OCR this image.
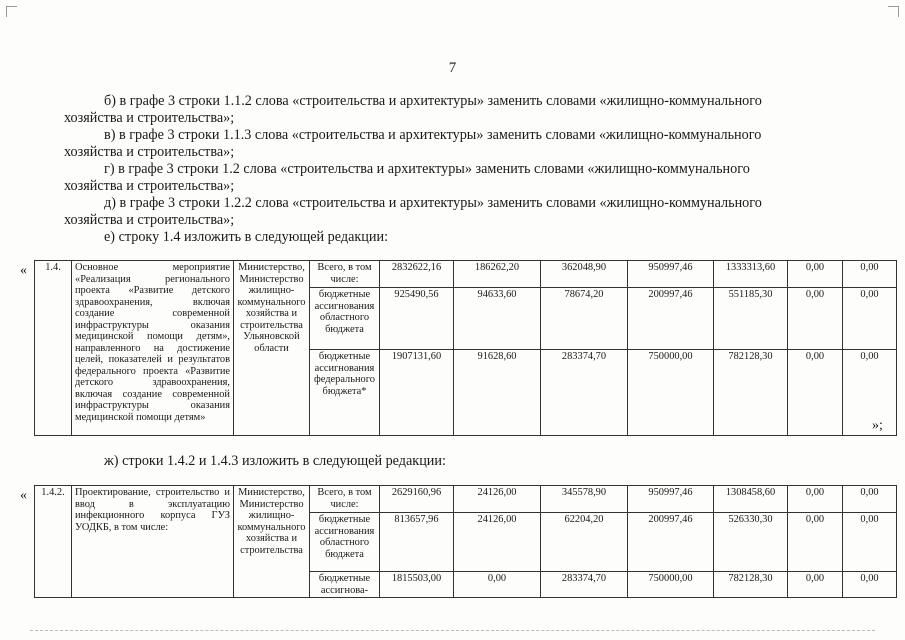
7
б) в графе 3 строки 1.1.2 слова «строительства и архитектуры» заменить словами «жилищно-коммунального
хозяйства и строительства»;
в) в графе 3 строки 1.1.3 слова «строительства и архитектуры» заменить словами «жилищно-коммунального
хозяйства и строительства»;
г) в графе 3 строки 1.2 слова «строительства и архитектуры» заменить словами «жилищно-коммунального
хозяйства и строительства»;
д) в графе 3 строки 1.2.2 слова «строительства и архитектуры» заменить словами «жилищно-коммунального
хозяйства и строительства»;
е) строку 1.4 изложить в следующей редакции:
« 1.4.	Основное мероприятие «Реализация регионального проекта «Развитие детского здравоохранения, включая создание современной инфраструктуры оказания медицинской помощи детям», направленного на достижение целей, показателей и результатов федерального проекта «Развитие детского здравоохранения, включая создание современной инфраструктуры оказания медицинской помощи детям»	Министерство, Министерство жилищно-коммунального хозяйства и строительства Ульяновской области	Всего, в том числе:	2832622,16	186262,20	362048,90	950997,46	1333313,60	0,00	0,00
			бюджетные ассигнования областного бюджета	925490,56	94633,60	78674,20	200997,46	551185,30	0,00	0,00
			бюджетные ассигнования федерального бюджета*	1907131,60	91628,60	283374,70	750000,00	782128,30	0,00	0,00
»;
ж) строки 1.4.2 и 1.4.3 изложить в следующей редакции:
« 1.4.2.	Проектирование, строительство и ввод в эксплуатацию инфекционного корпуса ГУЗ УОДКБ, в том числе:	Министерство, Министерство жилищно-коммунального хозяйства и строительства	Всего, в том числе:	2629160,96	24126,00	345578,90	950997,46	1308458,60	0,00	0,00
			бюджетные ассигнования областного бюджета	813657,96	24126,00	62204,20	200997,46	526330,30	0,00	0,00
			бюджетные ассигнова-	1815503,00	0,00	283374,70	750000,00	782128,30	0,00	0,00
